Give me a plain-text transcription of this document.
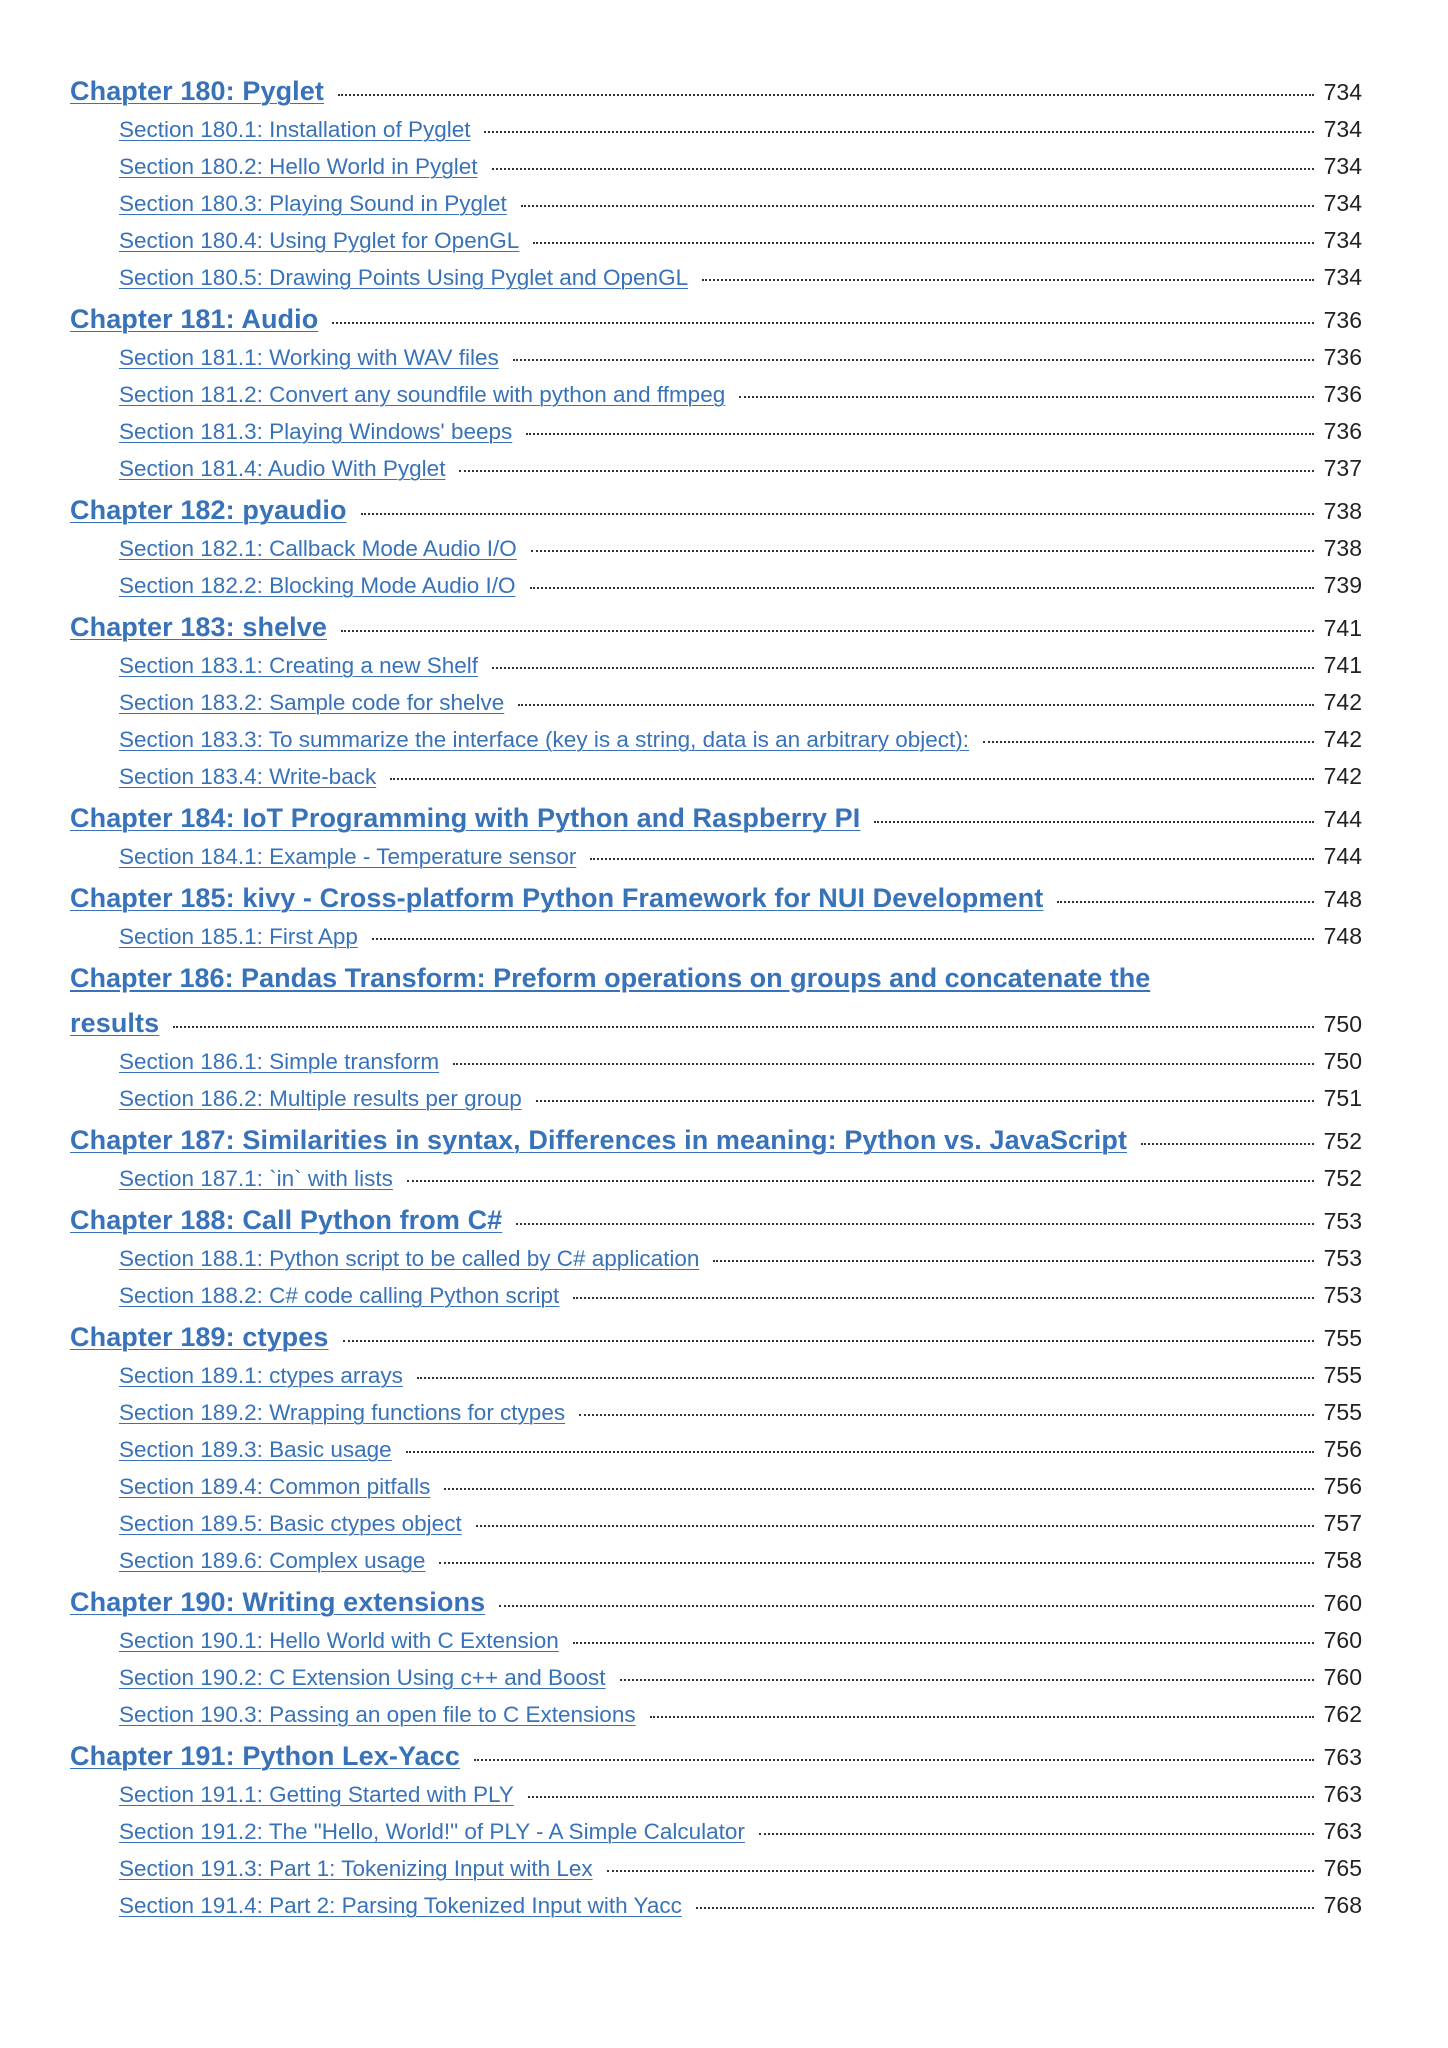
Chapter 180: Pyglet	734
Section 180.1: Installation of Pyglet	734
Section 180.2: Hello World in Pyglet	734
Section 180.3: Playing Sound in Pyglet	734
Section 180.4: Using Pyglet for OpenGL	734
Section 180.5: Drawing Points Using Pyglet and OpenGL	734
Chapter 181: Audio	736
Section 181.1: Working with WAV files	736
Section 181.2: Convert any soundfile with python and ffmpeg	736
Section 181.3: Playing Windows' beeps	736
Section 181.4: Audio With Pyglet	737
Chapter 182: pyaudio	738
Section 182.1: Callback Mode Audio I/O	738
Section 182.2: Blocking Mode Audio I/O	739
Chapter 183: shelve	741
Section 183.1: Creating a new Shelf	741
Section 183.2: Sample code for shelve	742
Section 183.3: To summarize the interface (key is a string, data is an arbitrary object):	742
Section 183.4: Write-back	742
Chapter 184: IoT Programming with Python and Raspberry PI	744
Section 184.1: Example - Temperature sensor	744
Chapter 185: kivy - Cross-platform Python Framework for NUI Development	748
Section 185.1: First App	748
Chapter 186: Pandas Transform: Preform operations on groups and concatenate the
results	750
Section 186.1: Simple transform	750
Section 186.2: Multiple results per group	751
Chapter 187: Similarities in syntax, Differences in meaning: Python vs. JavaScript	752
Section 187.1: `in` with lists	752
Chapter 188: Call Python from C#	753
Section 188.1: Python script to be called by C# application	753
Section 188.2: C# code calling Python script	753
Chapter 189: ctypes	755
Section 189.1: ctypes arrays	755
Section 189.2: Wrapping functions for ctypes	755
Section 189.3: Basic usage	756
Section 189.4: Common pitfalls	756
Section 189.5: Basic ctypes object	757
Section 189.6: Complex usage	758
Chapter 190: Writing extensions	760
Section 190.1: Hello World with C Extension	760
Section 190.2: C Extension Using c++ and Boost	760
Section 190.3: Passing an open file to C Extensions	762
Chapter 191: Python Lex-Yacc	763
Section 191.1: Getting Started with PLY	763
Section 191.2: The "Hello, World!" of PLY - A Simple Calculator	763
Section 191.3: Part 1: Tokenizing Input with Lex	765
Section 191.4: Part 2: Parsing Tokenized Input with Yacc	768
